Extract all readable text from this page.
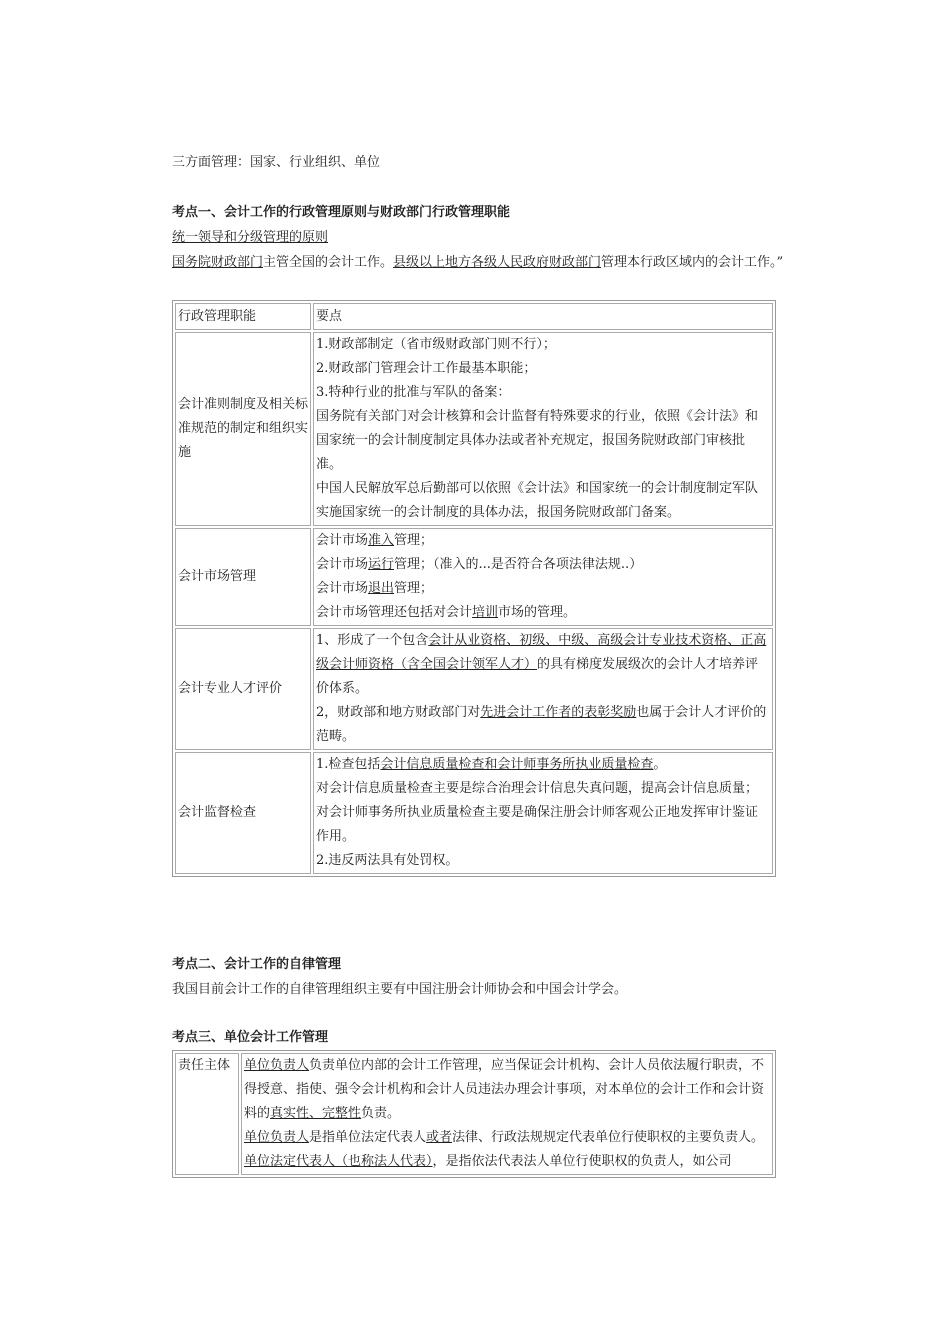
三方面管理：国家、行业组织、单位
考点一、会计工作的行政管理原则与财政部门行政管理职能
统一领导和分级管理的原则
国务院财政部门主管全国的会计工作。县级以上地方各级人民政府财政部门管理本行政区域内的会计工作。”
行政管理职能	要点
会计准则制度及相关标准规范的制定和组织实施	1.财政部制定（省市级财政部门则不行）；
2.财政部门管理会计工作最基本职能；
3.特种行业的批准与军队的备案：
国务院有关部门对会计核算和会计监督有特殊要求的行业，依照《会计法》和国家统一的会计制度制定具体办法或者补充规定，报国务院财政部门审核批准。
中国人民解放军总后勤部可以依照《会计法》和国家统一的会计制度制定军队实施国家统一的会计制度的具体办法，报国务院财政部门备案。

会计市场管理	会计市场准入管理；
会计市场运行管理；（准入的...是否符合各项法律法规..）
会计市场退出管理；
会计市场管理还包括对会计培训市场的管理。

会计专业人才评价	1、形成了一个包含会计从业资格、初级、中级、高级会计专业技术资格、正高级会计师资格（含全国会计领军人才）的具有梯度发展级次的会计人才培养评价体系。
2，财政部和地方财政部门对先进会计工作者的表彰奖励也属于会计人才评价的范畴。

会计监督检查	1.检查包括会计信息质量检查和会计师事务所执业质量检查。
对会计信息质量检查主要是综合治理会计信息失真问题，提高会计信息质量；
对会计师事务所执业质量检查主要是确保注册会计师客观公正地发挥审计鉴证作用。
2.违反两法具有处罚权。
考点二、会计工作的自律管理
我国目前会计工作的自律管理组织主要有中国注册会计师协会和中国会计学会。
考点三、单位会计工作管理
责任主体	单位负责人负责单位内部的会计工作管理，应当保证会计机构、会计人员依法履行职责，不得授意、指使、强令会计机构和会计人员违法办理会计事项，对本单位的会计工作和会计资料的真实性、完整性负责。
单位负责人是指单位法定代表人或者法律、行政法规规定代表单位行使职权的主要负责人。
单位法定代表人（也称法人代表），是指依法代表法人单位行使职权的负责人，如公司
